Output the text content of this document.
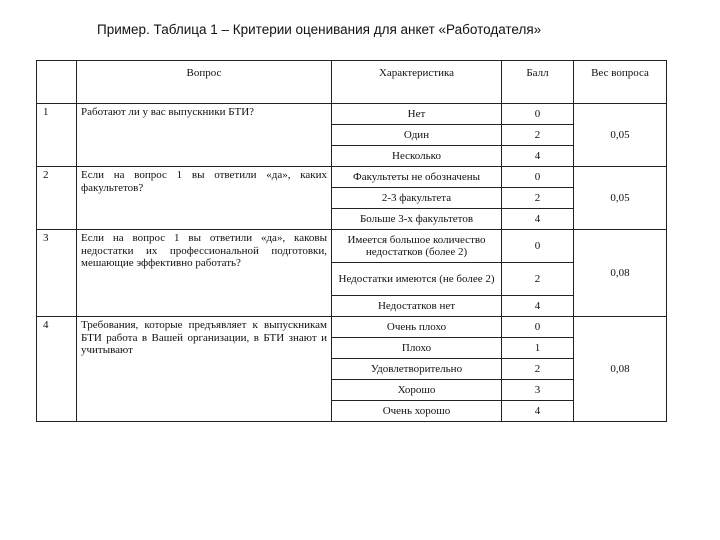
Пример. Таблица 1 – Критерии оценивания для анкет «Работодателя»
	Вопрос	Характеристика	Балл	Вес вопроса
1	Работают ли у вас выпускники БТИ?	Нет	0	0,05
		Один	2	
		Несколько	4	
2	Если на вопрос 1 вы ответили «да», каких факультетов?	Факультеты не обозначены	0	0,05
		2-3 факультета	2	
		Больше 3-х факультетов	4	
3	Если на вопрос 1 вы ответили «да», каковы недостатки их профессиональной подготовки, мешающие эффективно работать?	Имеется большое количество недостатков (более 2)	0	0,08
		Недостатки имеются (не более 2)	2	
		Недостатков нет	4	
4	Требования, которые предъявляет к выпускникам БТИ работа в Вашей организации, в БТИ знают и учитывают	Очень плохо	0	0,08
		Плохо	1	
		Удовлетворительно	2	
		Хорошо	3	
		Очень хорошо	4	
